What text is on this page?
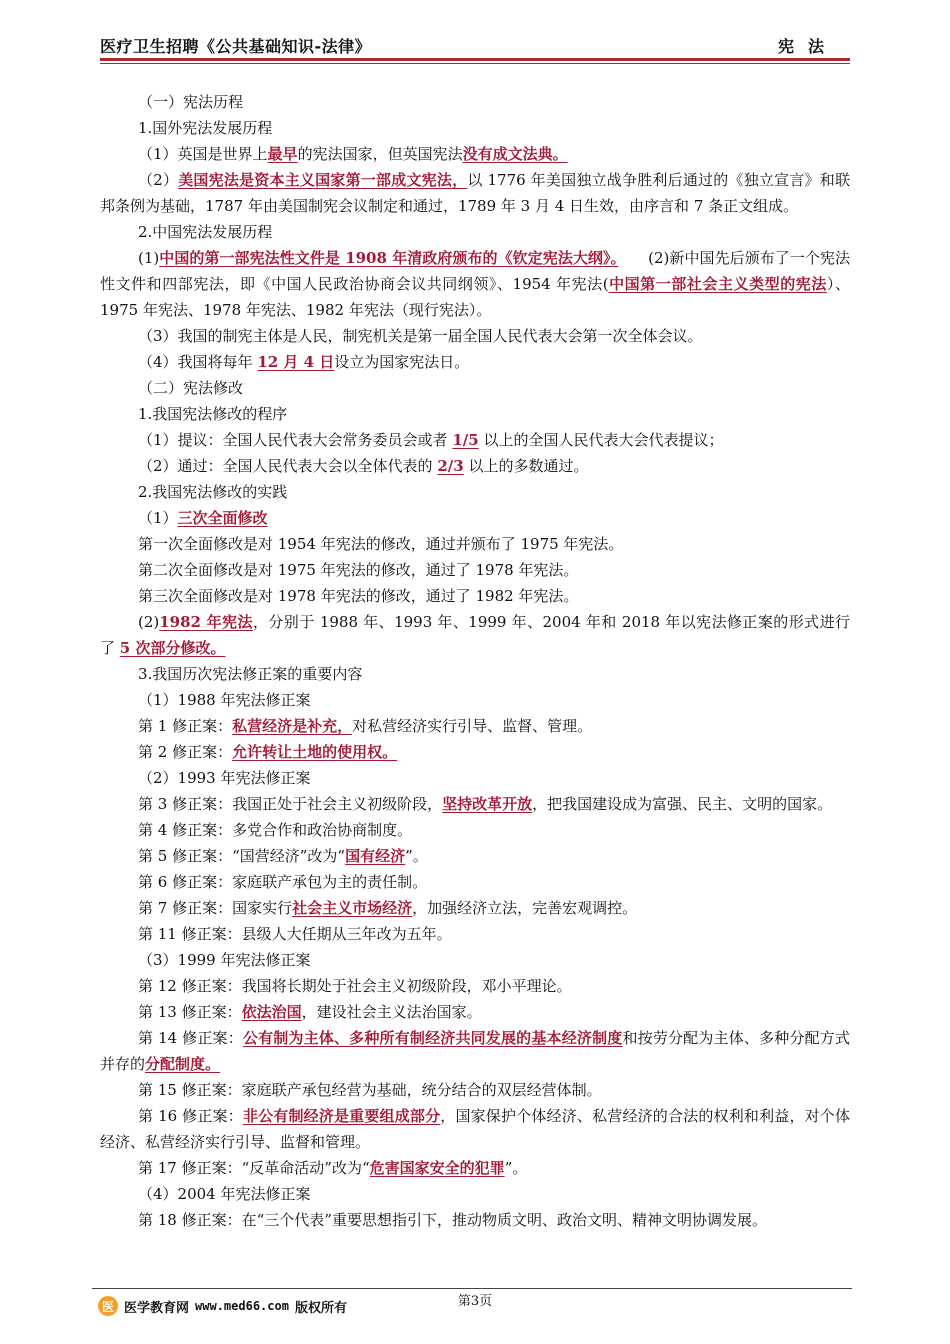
医疗卫生招聘《公共基础知识-法律》	宪法

（一）宪法历程

1.国外宪法发展历程

（1）英国是世界上最早的宪法国家，但英国宪法没有成文法典。

（2）美国宪法是资本主义国家第一部成文宪法，以 1776 年美国独立战争胜利后通过的《独立宣言》和联邦条例为基础，1787 年由美国制宪会议制定和通过，1789 年 3 月 4 日生效，由序言和 7 条正文组成。

2.中国宪法发展历程

(1)中国的第一部宪法性文件是 1908 年清政府颁布的《钦定宪法大纲》。　　(2)新中国先后颁布了一个宪法性文件和四部宪法，即《中国人民政治协商会议共同纲领》、1954 年宪法(中国第一部社会主义类型的宪法）、1975 年宪法、1978 年宪法、1982 年宪法（现行宪法）。

（3）我国的制宪主体是人民，制宪机关是第一届全国人民代表大会第一次全体会议。

（4）我国将每年 12 月 4 日设立为国家宪法日。

（二）宪法修改

1.我国宪法修改的程序

（1）提议：全国人民代表大会常务委员会或者 1/5 以上的全国人民代表大会代表提议；

（2）通过：全国人民代表大会以全体代表的 2/3 以上的多数通过。

2.我国宪法修改的实践

（1）三次全面修改

第一次全面修改是对 1954 年宪法的修改，通过并颁布了 1975 年宪法。

第二次全面修改是对 1975 年宪法的修改，通过了 1978 年宪法。

第三次全面修改是对 1978 年宪法的修改，通过了 1982 年宪法。

(2)1982 年宪法，分别于 1988 年、1993 年、1999 年、2004 年和 2018 年以宪法修正案的形式进行了 5 次部分修改。

3.我国历次宪法修正案的重要内容

（1）1988 年宪法修正案

第 1 修正案：私营经济是补充，对私营经济实行引导、监督、管理。

第 2 修正案：允许转让土地的使用权。

（2）1993 年宪法修正案

第 3 修正案：我国正处于社会主义初级阶段，坚持改革开放，把我国建设成为富强、民主、文明的国家。

第 4 修正案：多党合作和政治协商制度。

第 5 修正案：“国营经济”改为“国有经济”。

第 6 修正案：家庭联产承包为主的责任制。

第 7 修正案：国家实行社会主义市场经济，加强经济立法，完善宏观调控。

第 11 修正案：县级人大任期从三年改为五年。

（3）1999 年宪法修正案

第 12 修正案：我国将长期处于社会主义初级阶段，邓小平理论。

第 13 修正案：依法治国，建设社会主义法治国家。

第 14 修正案：公有制为主体、多种所有制经济共同发展的基本经济制度和按劳分配为主体、多种分配方式并存的分配制度。

第 15 修正案：家庭联产承包经营为基础，统分结合的双层经营体制。

第 16 修正案：非公有制经济是重要组成部分，国家保护个体经济、私营经济的合法的权利和利益，对个体经济、私营经济实行引导、监督和管理。

第 17 修正案：“反革命活动”改为“危害国家安全的犯罪”。

（4）2004 年宪法修正案

第 18 修正案：在“三个代表”重要思想指引下，推动物质文明、政治文明、精神文明协调发展。

医 医学教育网 www.med66.com 版权所有	第3页
